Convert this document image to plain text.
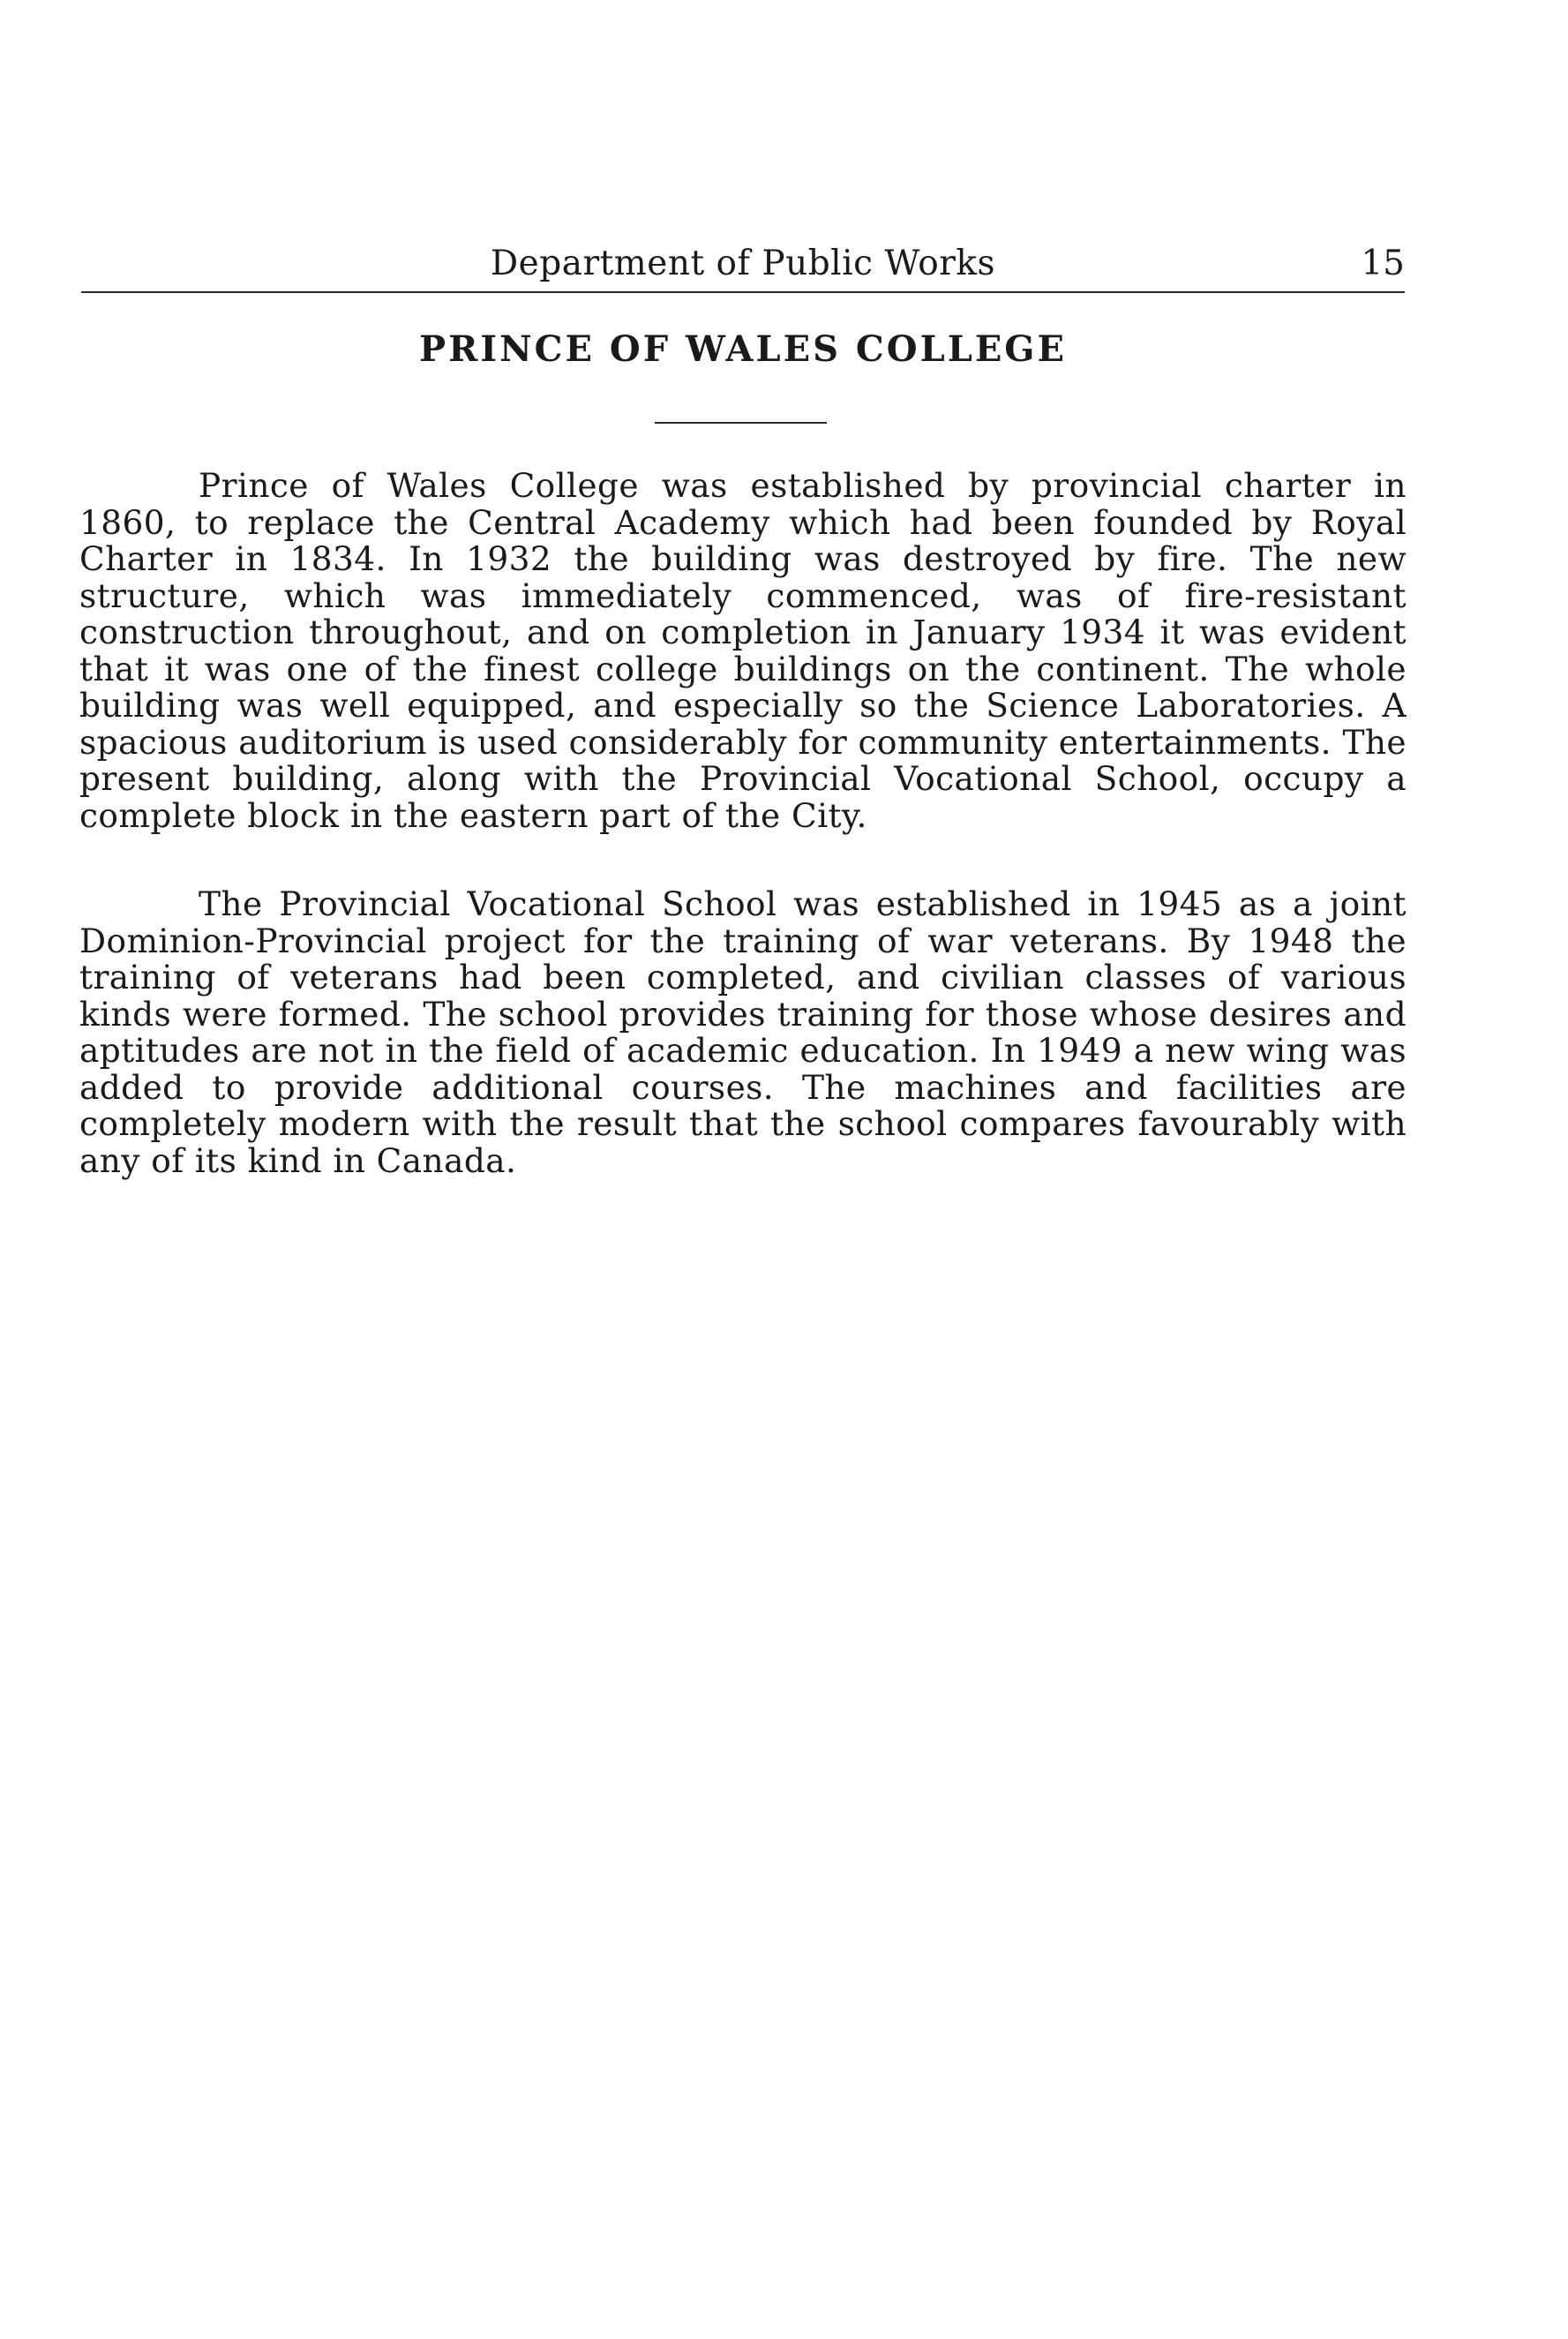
Department of Public Works	15
PRINCE OF WALES COLLEGE

Prince of Wales College was established by provincial charter in 1860, to replace the Central Academy which had been founded by Royal Charter in 1834. In 1932 the building was destroyed by fire. The new structure, which was immediately commenced, was of fire-resistant construction throughout, and on completion in January 1934 it was evident that it was one of the finest college buildings on the continent. The whole building was well equipped, and especially so the Science Laboratories. A spacious auditorium is used considerably for community entertainments. The present building, along with the Provincial Vocational School, occupy a complete block in the eastern part of the City.

The Provincial Vocational School was established in 1945 as a joint Dominion-Provincial project for the training of war veterans. By 1948 the training of veterans had been completed, and civilian classes of various kinds were formed. The school provides training for those whose desires and aptitudes are not in the field of academic education. In 1949 a new wing was added to provide additional courses. The machines and facilities are completely modern with the result that the school compares favourably with any of its kind in Canada.
